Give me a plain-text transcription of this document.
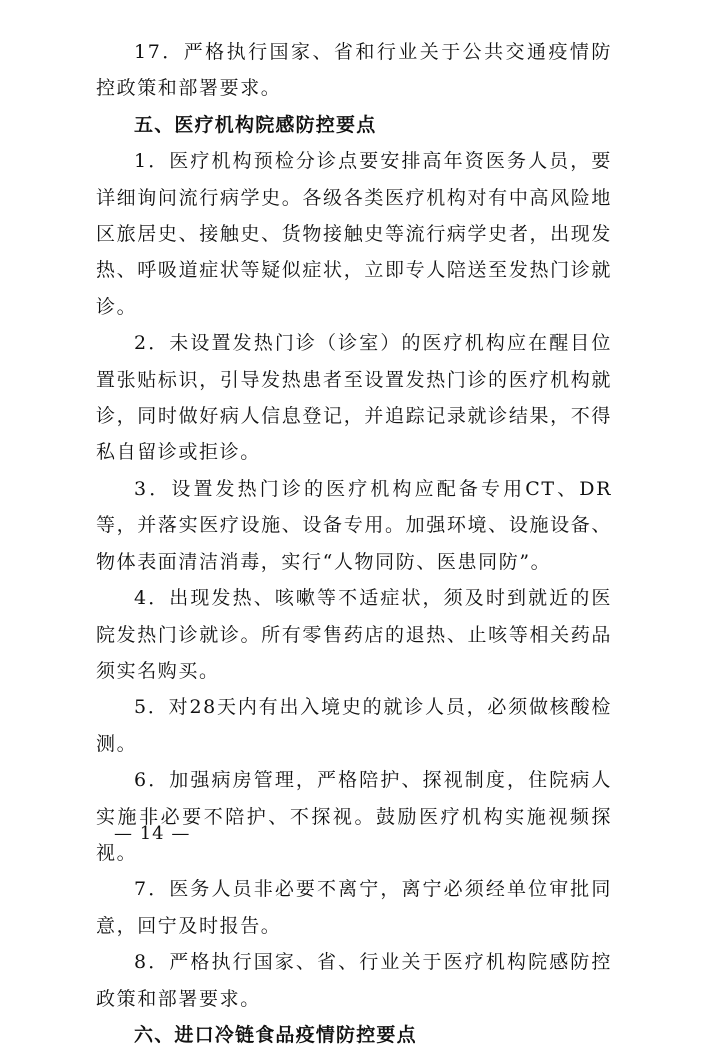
17．严格执行国家、省和行业关于公共交通疫情防控政策和部署要求。

五、医疗机构院感防控要点

1．医疗机构预检分诊点要安排高年资医务人员，要详细询问流行病学史。各级各类医疗机构对有中高风险地区旅居史、接触史、货物接触史等流行病学史者，出现发热、呼吸道症状等疑似症状，立即专人陪送至发热门诊就诊。

2．未设置发热门诊（诊室）的医疗机构应在醒目位置张贴标识，引导发热患者至设置发热门诊的医疗机构就诊，同时做好病人信息登记，并追踪记录就诊结果，不得私自留诊或拒诊。

3．设置发热门诊的医疗机构应配备专用CT、DR等，并落实医疗设施、设备专用。加强环境、设施设备、物体表面清洁消毒，实行“人物同防、医患同防”。

4．出现发热、咳嗽等不适症状，须及时到就近的医院发热门诊就诊。所有零售药店的退热、止咳等相关药品须实名购买。

5．对28天内有出入境史的就诊人员，必须做核酸检测。

6．加强病房管理，严格陪护、探视制度，住院病人实施非必要不陪护、不探视。鼓励医疗机构实施视频探视。

7．医务人员非必要不离宁，离宁必须经单位审批同意，回宁及时报告。

8．严格执行国家、省、行业关于医疗机构院感防控政策和部署要求。

六、进口冷链食品疫情防控要点

— 14 —
